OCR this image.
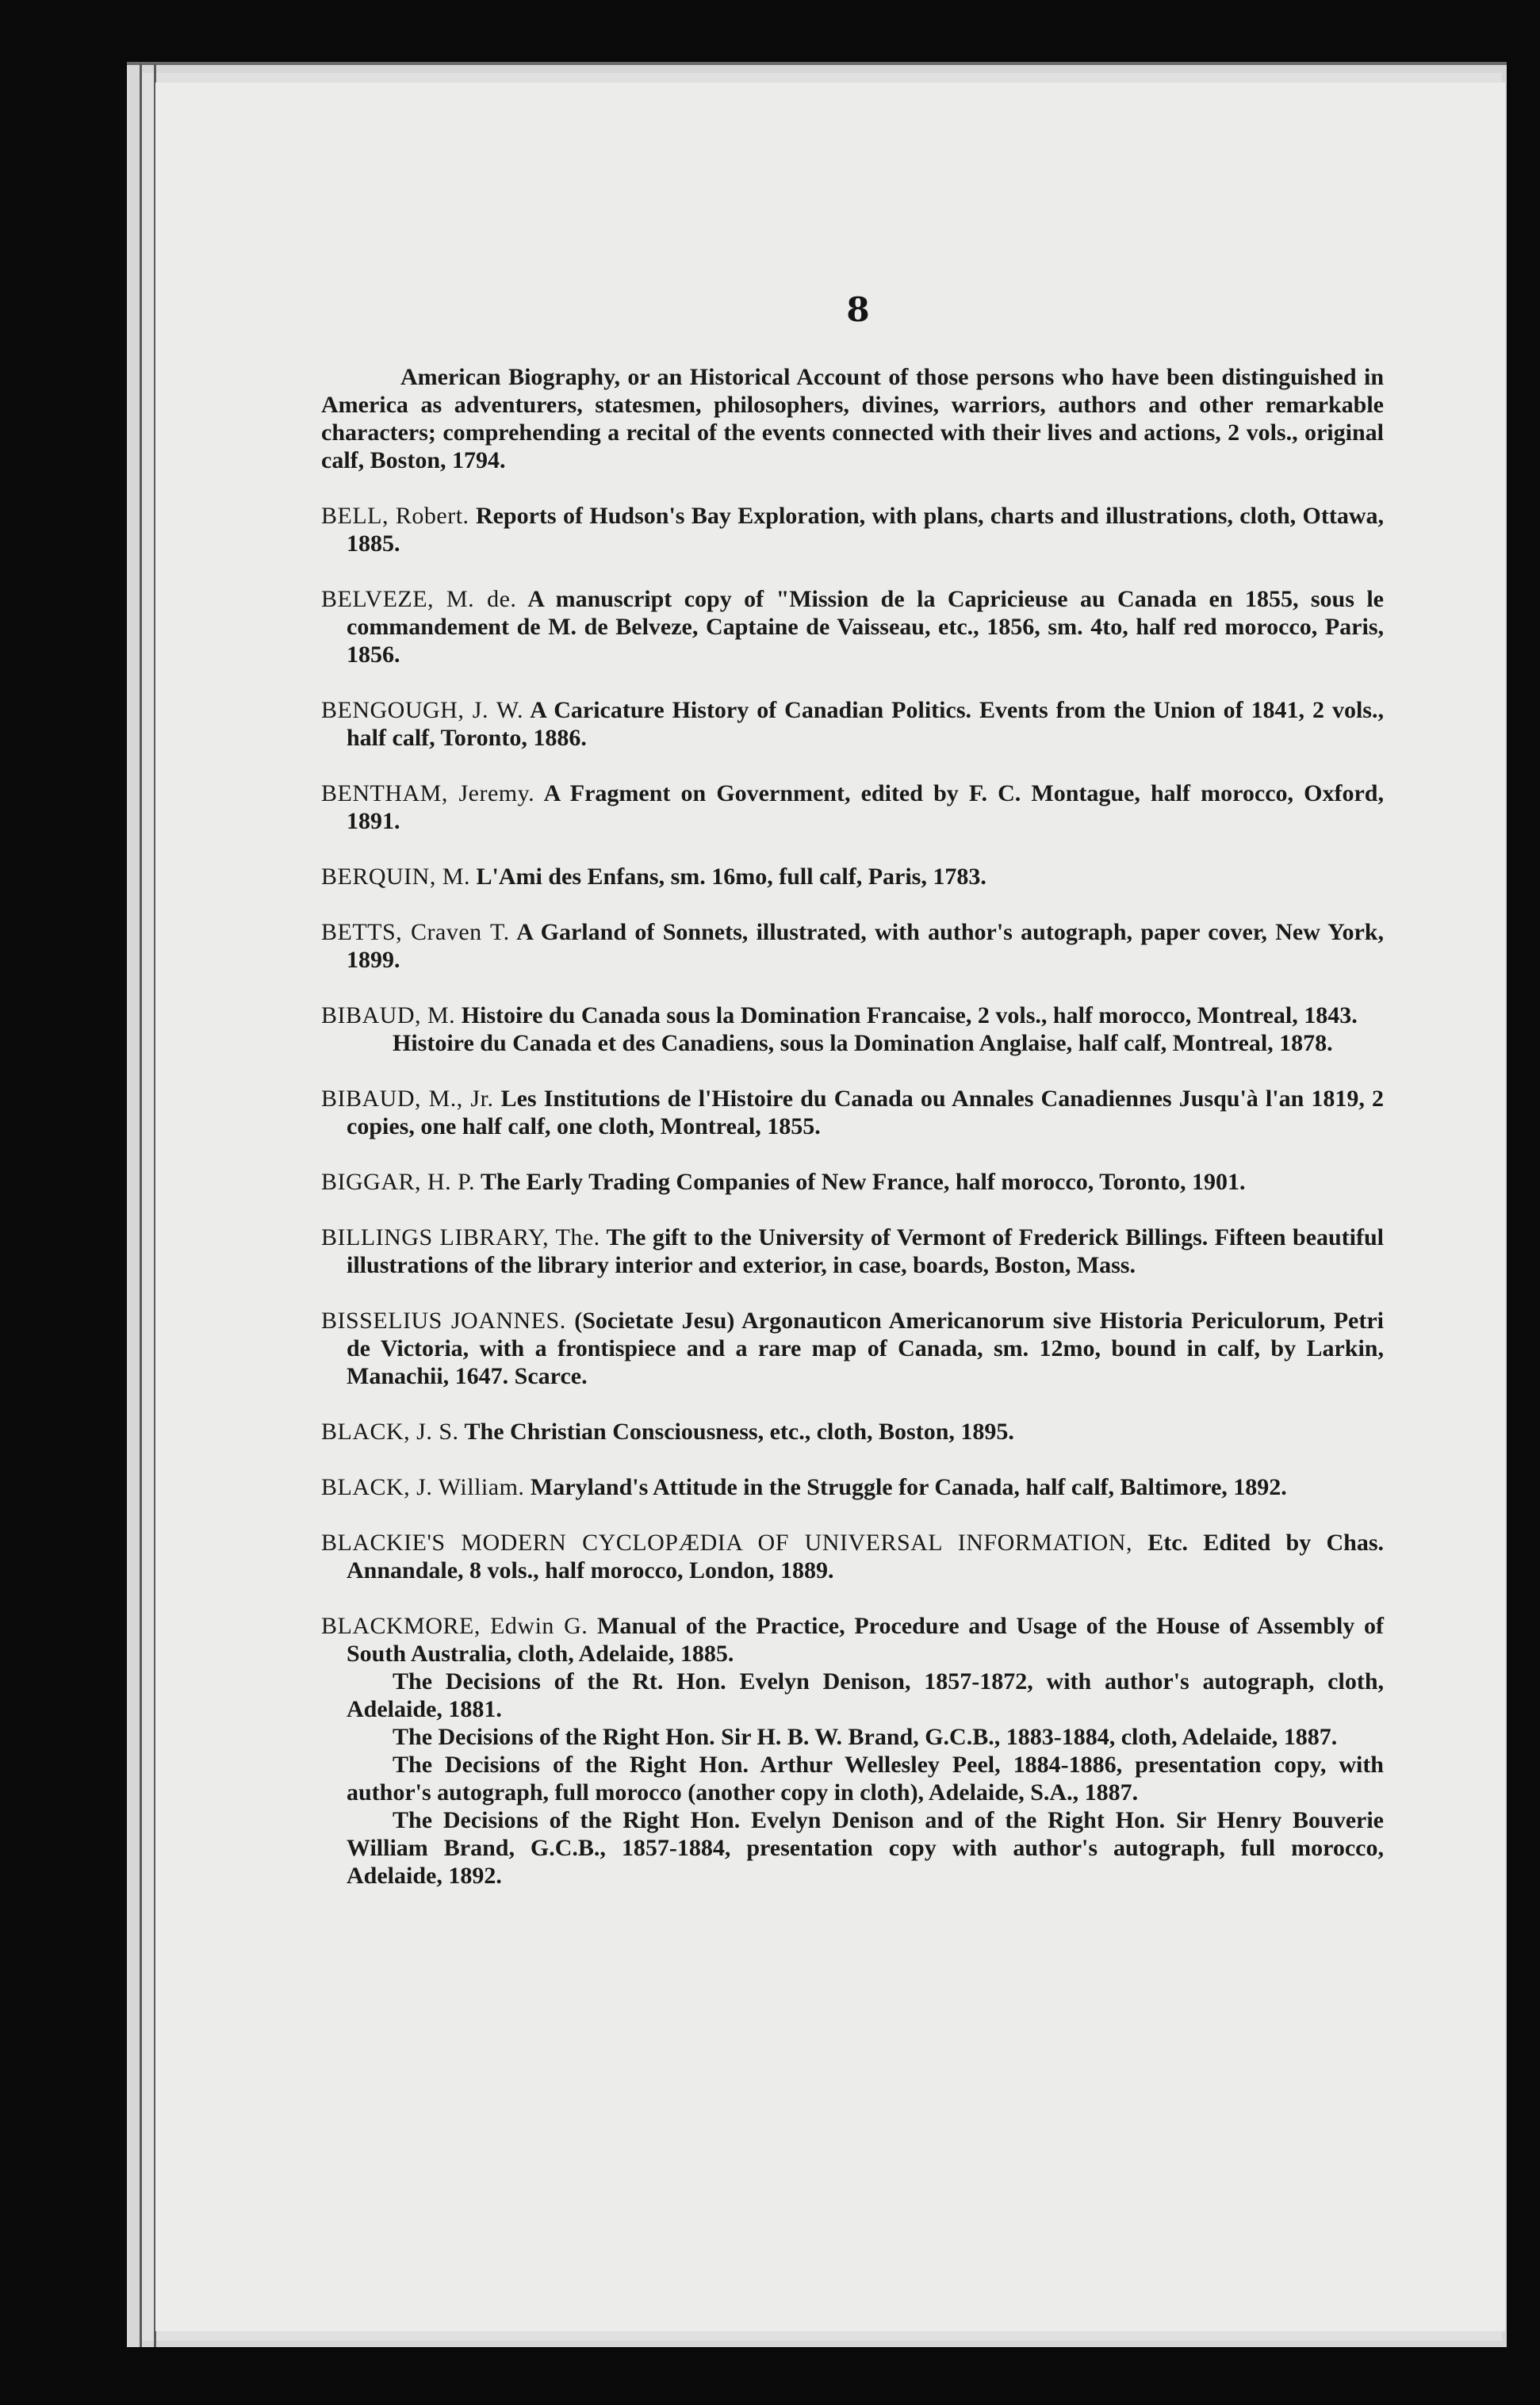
8

American Biography, or an Historical Account of those persons who have been distinguished in America as adventurers, statesmen, philosophers, divines, warriors, authors and other remarkable characters; comprehending a recital of the events connected with their lives and actions, 2 vols., original calf, Boston, 1794.

BELL, Robert. Reports of Hudson's Bay Exploration, with plans, charts and illustrations, cloth, Ottawa, 1885.

BELVEZE, M. de. A manuscript copy of "Mission de la Capricieuse au Canada en 1855, sous le commandement de M. de Belveze, Captaine de Vaisseau, etc., 1856, sm. 4to, half red morocco, Paris, 1856.

BENGOUGH, J. W. A Caricature History of Canadian Politics. Events from the Union of 1841, 2 vols., half calf, Toronto, 1886.

BENTHAM, Jeremy. A Fragment on Government, edited by F. C. Montague, half morocco, Oxford, 1891.

BERQUIN, M. L'Ami des Enfans, sm. 16mo, full calf, Paris, 1783.

BETTS, Craven T. A Garland of Sonnets, illustrated, with author's autograph, paper cover, New York, 1899.

BIBAUD, M. Histoire du Canada sous la Domination Francaise, 2 vols., half morocco, Montreal, 1843.

Histoire du Canada et des Canadiens, sous la Domination Anglaise, half calf, Montreal, 1878.

BIBAUD, M., Jr. Les Institutions de l'Histoire du Canada ou Annales Canadiennes Jusqu'à l'an 1819, 2 copies, one half calf, one cloth, Montreal, 1855.

BIGGAR, H. P. The Early Trading Companies of New France, half morocco, Toronto, 1901.

BILLINGS LIBRARY, The. The gift to the University of Vermont of Frederick Billings. Fifteen beautiful illustrations of the library interior and exterior, in case, boards, Boston, Mass.

BISSELIUS JOANNES. (Societate Jesu) Argonauticon Americanorum sive Historia Periculorum, Petri de Victoria, with a frontispiece and a rare map of Canada, sm. 12mo, bound in calf, by Larkin, Manachii, 1647. Scarce.

BLACK, J. S. The Christian Consciousness, etc., cloth, Boston, 1895.

BLACK, J. William. Maryland's Attitude in the Struggle for Canada, half calf, Baltimore, 1892.

BLACKIE'S MODERN CYCLOPÆDIA OF UNIVERSAL INFORMATION, Etc. Edited by Chas. Annandale, 8 vols., half morocco, London, 1889.

BLACKMORE, Edwin G. Manual of the Practice, Procedure and Usage of the House of Assembly of South Australia, cloth, Adelaide, 1885.

The Decisions of the Rt. Hon. Evelyn Denison, 1857-1872, with author's autograph, cloth, Adelaide, 1881.

The Decisions of the Right Hon. Sir H. B. W. Brand, G.C.B., 1883-1884, cloth, Adelaide, 1887.

The Decisions of the Right Hon. Arthur Wellesley Peel, 1884-1886, presentation copy, with author's autograph, full morocco (another copy in cloth), Adelaide, S.A., 1887.

The Decisions of the Right Hon. Evelyn Denison and of the Right Hon. Sir Henry Bouverie William Brand, G.C.B., 1857-1884, presentation copy with author's autograph, full morocco, Adelaide, 1892.
